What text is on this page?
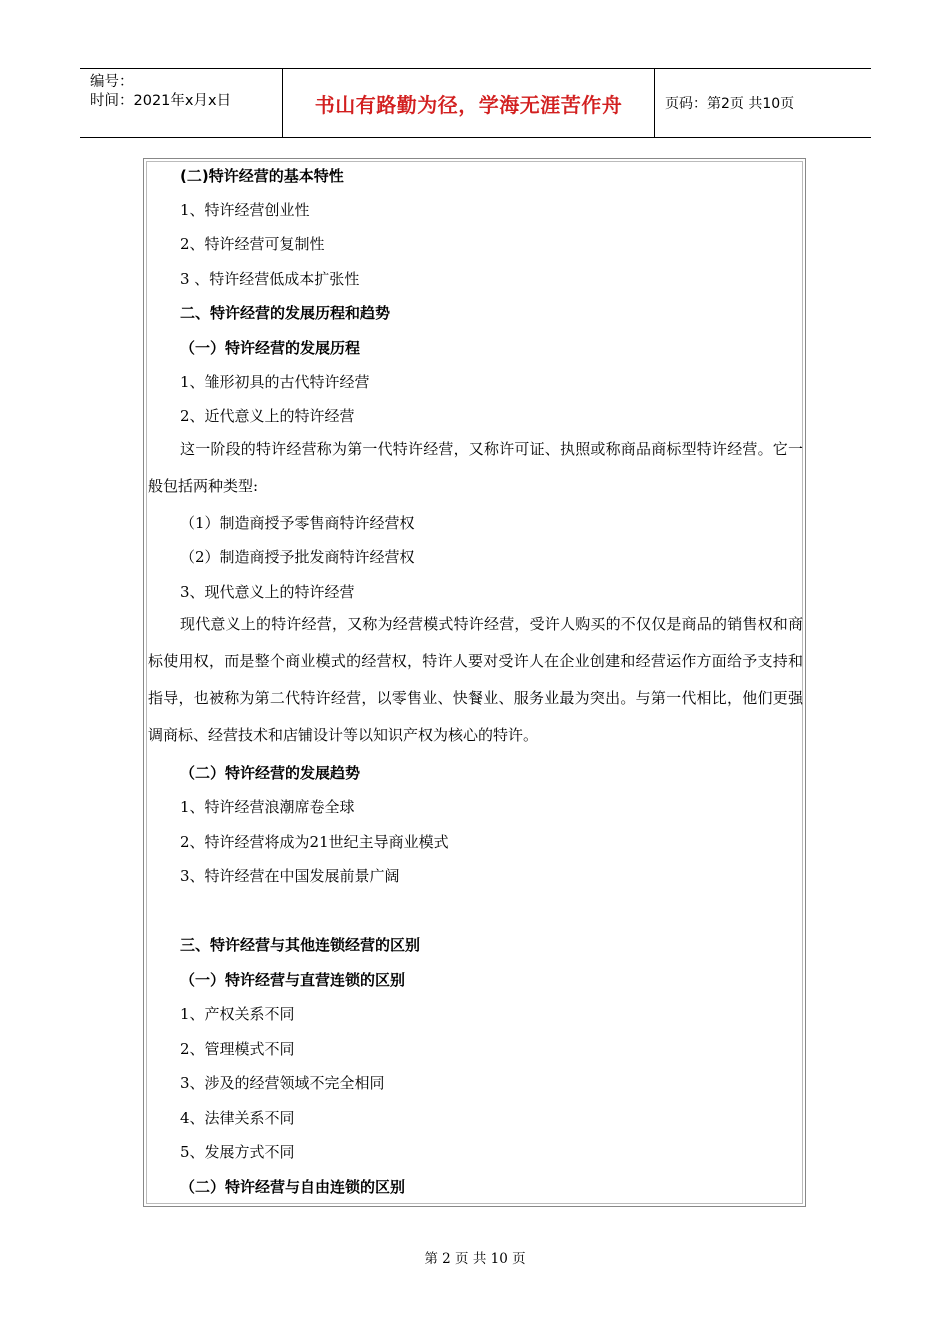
编号：
时间：2021年x月x日	书山有路勤为径，学海无涯苦作舟	页码：第2页 共10页
(二)特许经营的基本特性
1、特许经营创业性
2、特许经营可复制性
3 、特许经营低成本扩张性
二、特许经营的发展历程和趋势
（一）特许经营的发展历程
1、雏形初具的古代特许经营
2、近代意义上的特许经营
这一阶段的特许经营称为第一代特许经营，又称许可证、执照或称商品商标型特许经营。它一般包括两种类型:
（1）制造商授予零售商特许经营权
（2）制造商授予批发商特许经营权
3、现代意义上的特许经营
现代意义上的特许经营，又称为经营模式特许经营，受许人购买的不仅仅是商品的销售权和商标使用权，而是整个商业模式的经营权，特许人要对受许人在企业创建和经营运作方面给予支持和指导，也被称为第二代特许经营，以零售业、快餐业、服务业最为突出。与第一代相比，他们更强调商标、经营技术和店铺设计等以知识产权为核心的特许。
（二）特许经营的发展趋势
1、特许经营浪潮席卷全球
2、特许经营将成为21世纪主导商业模式
3、特许经营在中国发展前景广阔
三、特许经营与其他连锁经营的区别
（一）特许经营与直营连锁的区别
1、产权关系不同
2、管理模式不同
3、涉及的经营领域不完全相同
4、法律关系不同
5、发展方式不同
（二）特许经营与自由连锁的区别
第 2 页 共 10 页
